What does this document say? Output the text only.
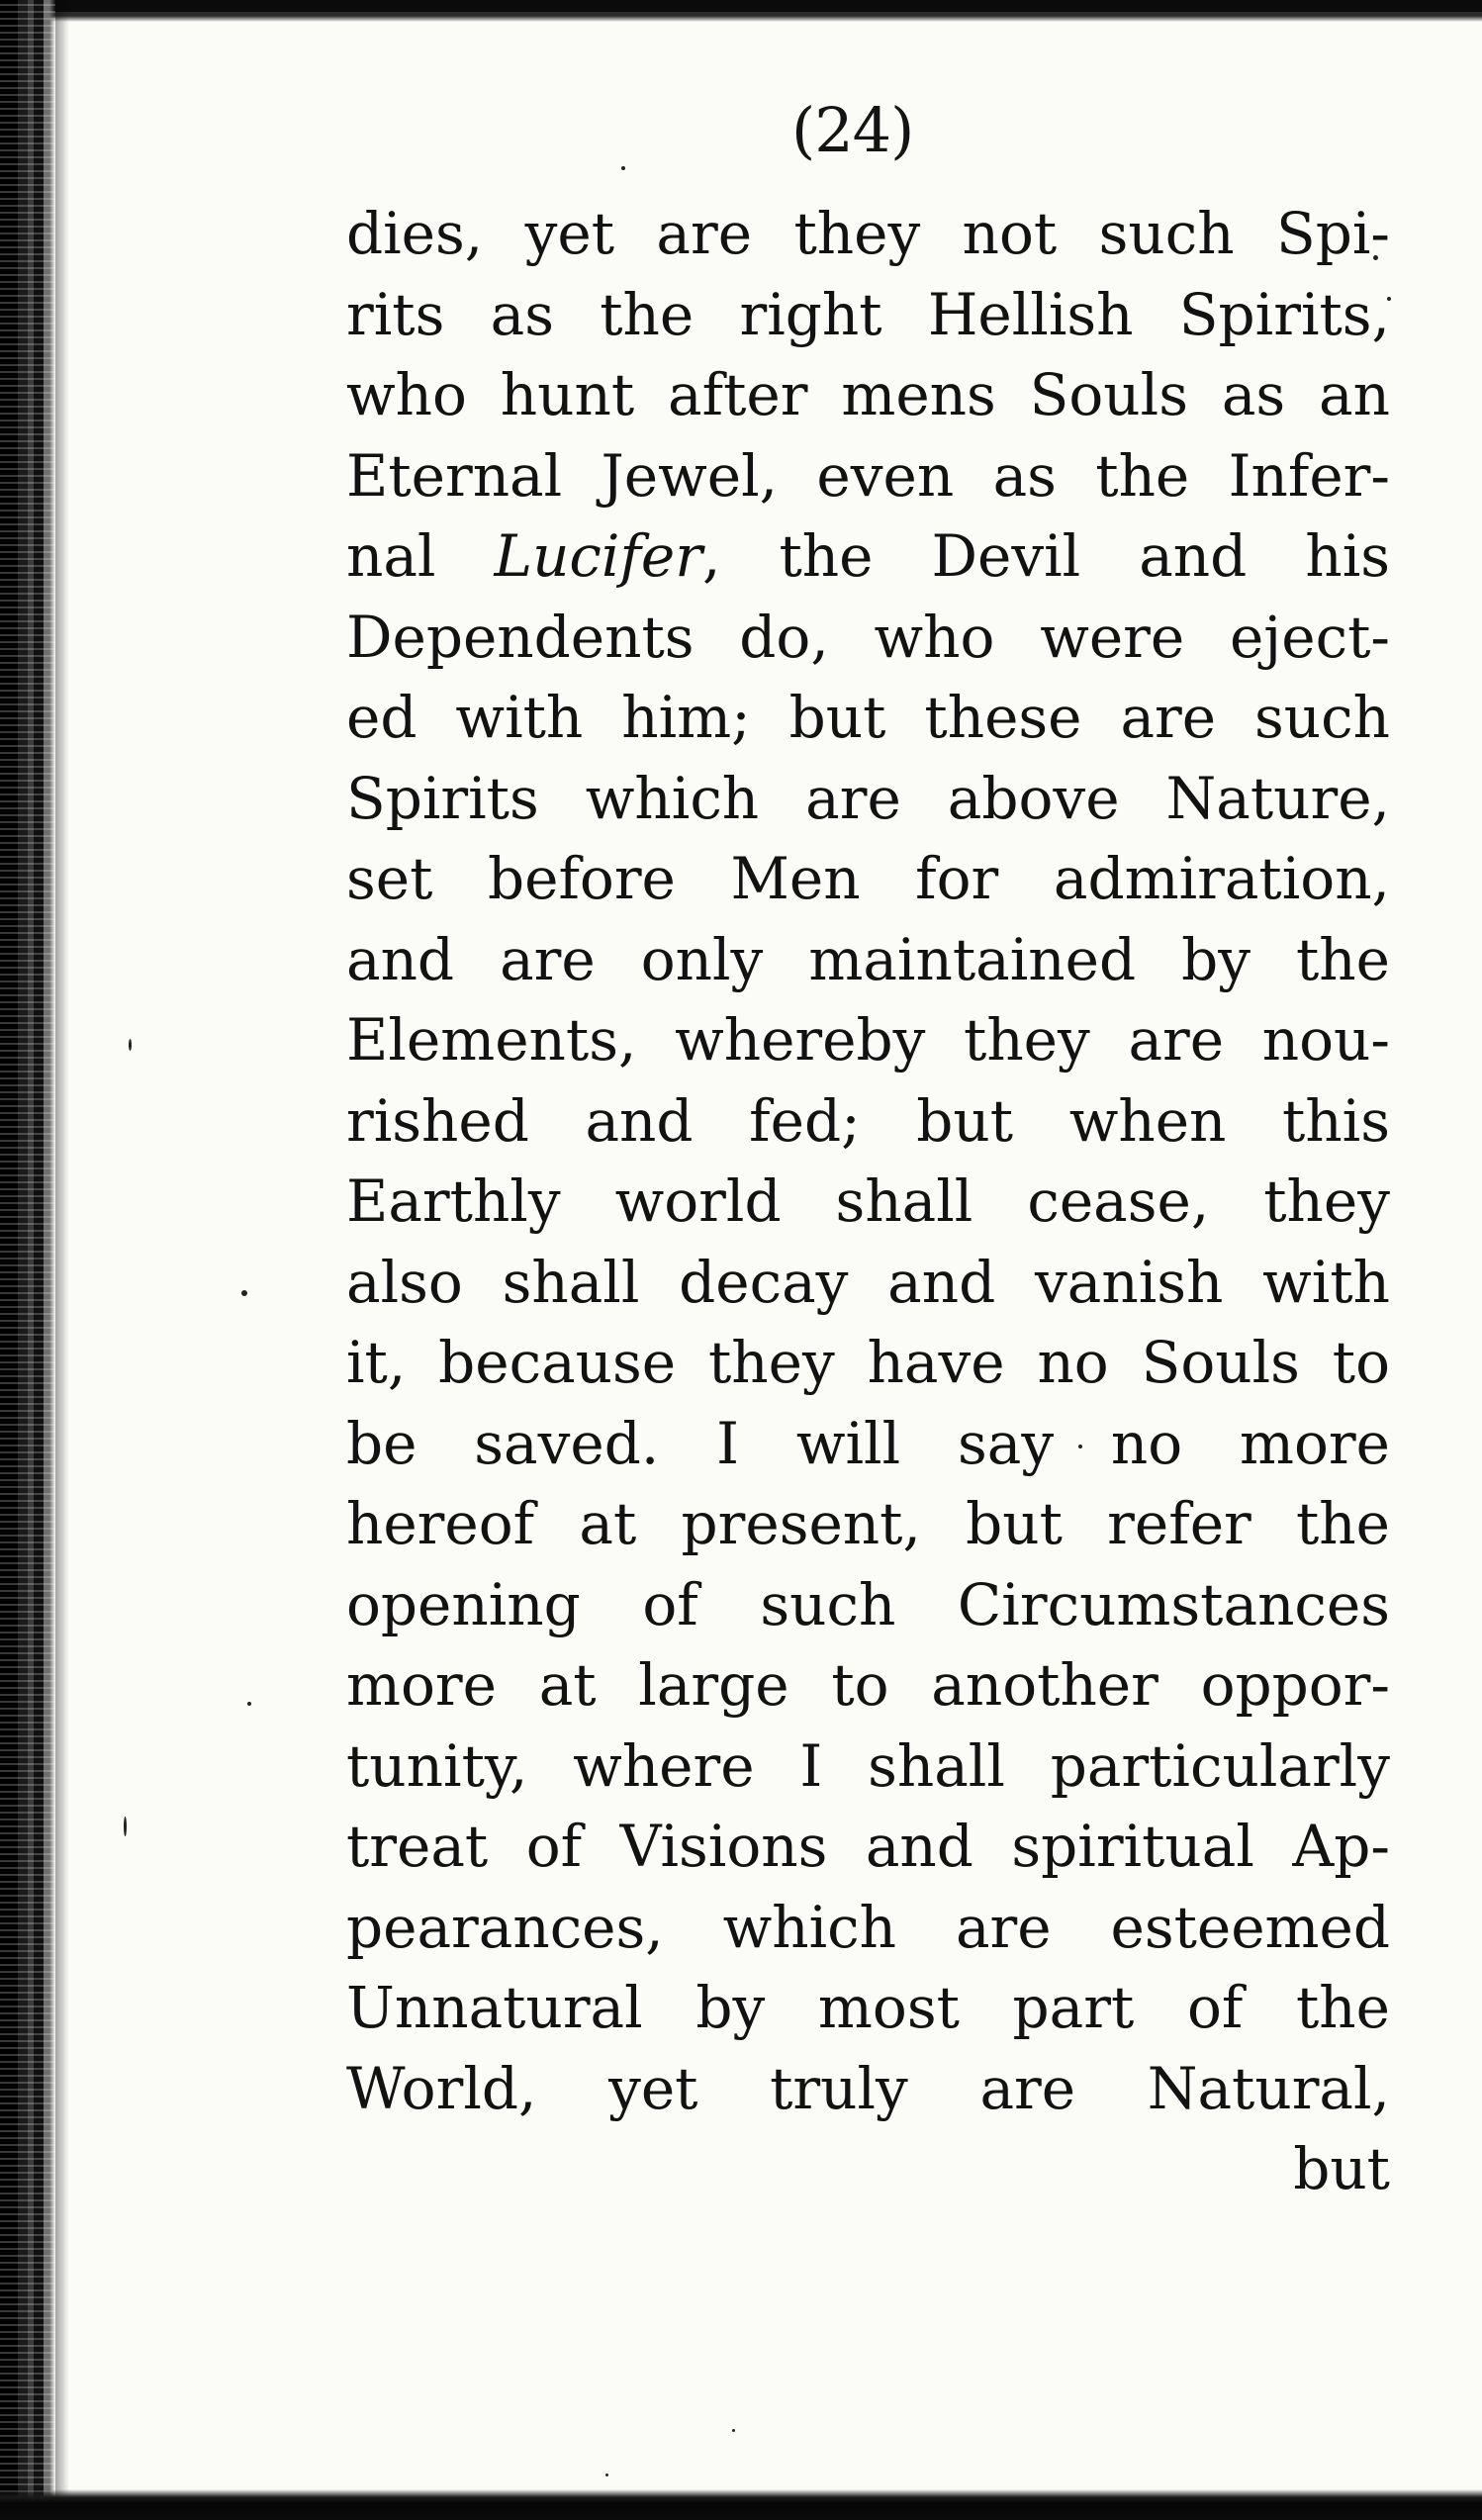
(24)
dies, yet are they not such Spi-
rits as the right Hellish Spirits,
who hunt after mens Souls as an
Eternal Jewel, even as the Infer-
nal Lucifer, the Devil and his
Dependents do, who were eject-
ed with him; but these are such
Spirits which are above Nature,
set before Men for admiration,
and are only maintained by the
Elements, whereby they are nou-
rished and fed; but when this
Earthly world shall cease, they
also shall decay and vanish with
it, because they have no Souls to
be saved. I will say no more
hereof at present, but refer the
opening of such Circumstances
more at large to another oppor-
tunity, where I shall particularly
treat of Visions and spiritual Ap-
pearances, which are esteemed
Unnatural by most part of the
World, yet truly are Natural,
but
